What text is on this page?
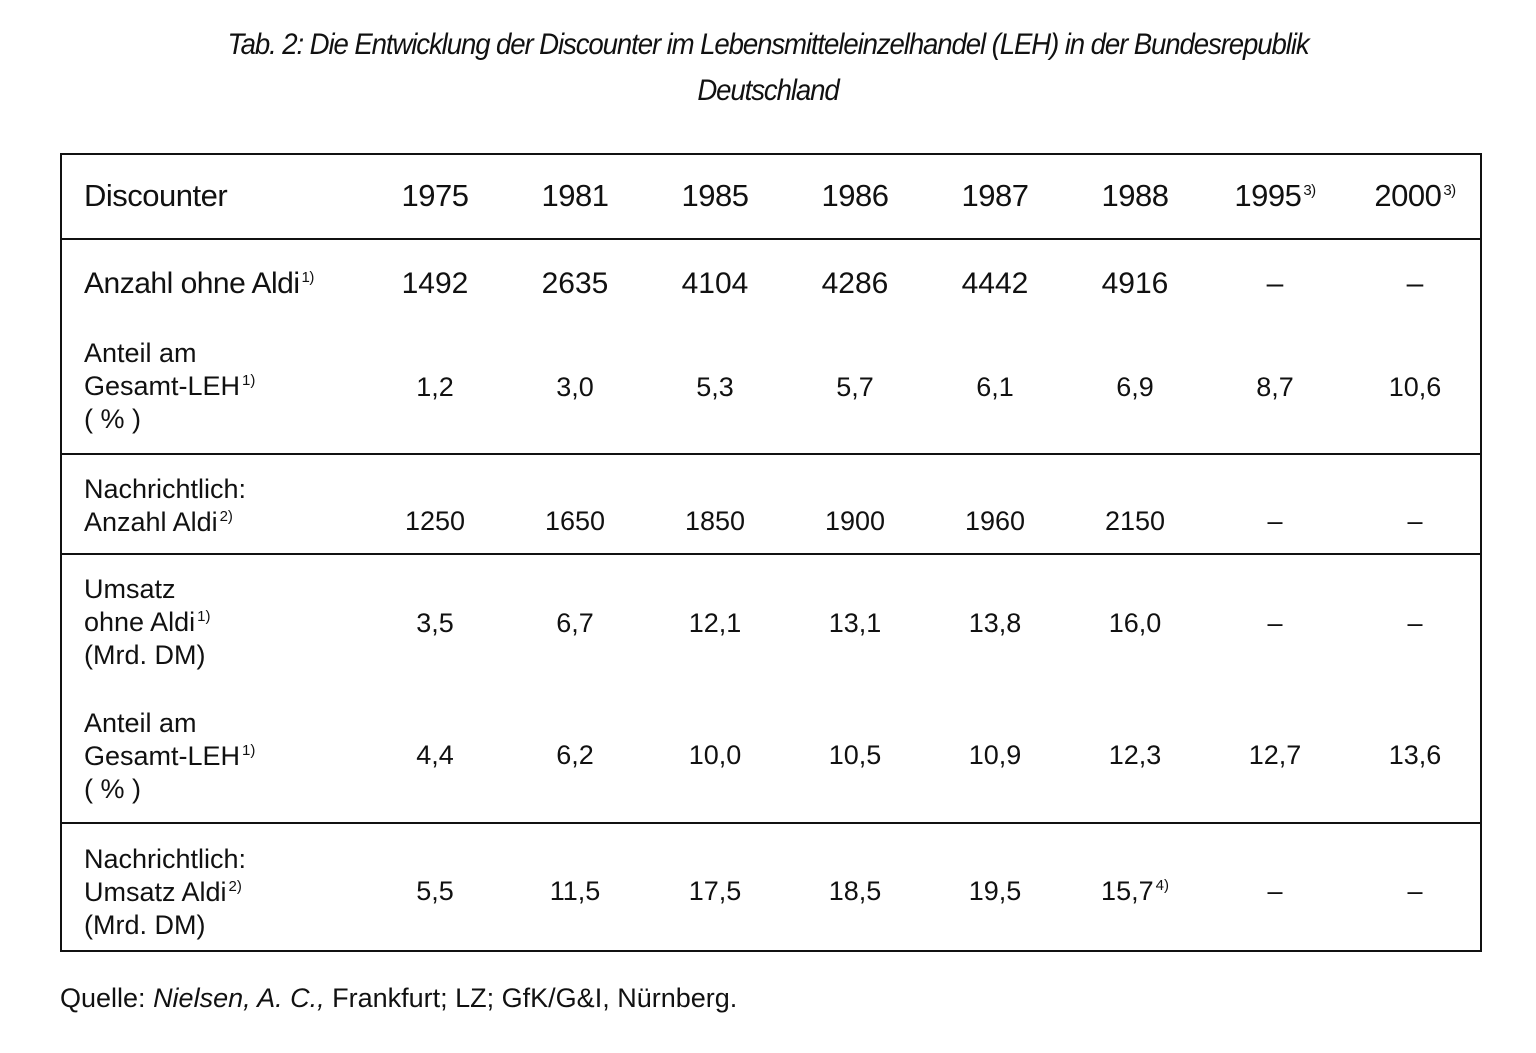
Tab. 2: Die Entwicklung der Discounter im Lebensmitteleinzelhandel (LEH) in der Bundesrepublik
Deutschland
Discounter	1975	1981	1985	1986	1987	1988	1995 $^{3)}$	2000 $^{3)}$
Anzahl ohne Aldi $^{1)}$	1492	2635	4104	4286	4442	4916	–	–
Anteil am
Gesamt-LEH $^{1)}$
( % )
1,2	3,0	5,3	5,7	6,1	6,9	8,7	10,6
Nachrichtlich:
Anzahl Aldi $^{2)}$	1250	1650	1850	1900	1960	2150	–	–
Umsatz
ohne Aldi $^{1)}$
(Mrd. DM)
3,5	6,7	12,1	13,1	13,8	16,0	–	–
Anteil am
Gesamt-LEH $^{1)}$
( % )
4,4	6,2	10,0	10,5	10,9	12,3	12,7	13,6
Nachrichtlich:
Umsatz Aldi $^{2)}$
(Mrd. DM)
5,5	11,5	17,5	18,5	19,5	15,7 $^{4)}$	–	–
Quelle: Nielsen, A. C., Frankfurt; LZ; GfK/G&I, Nürnberg.
